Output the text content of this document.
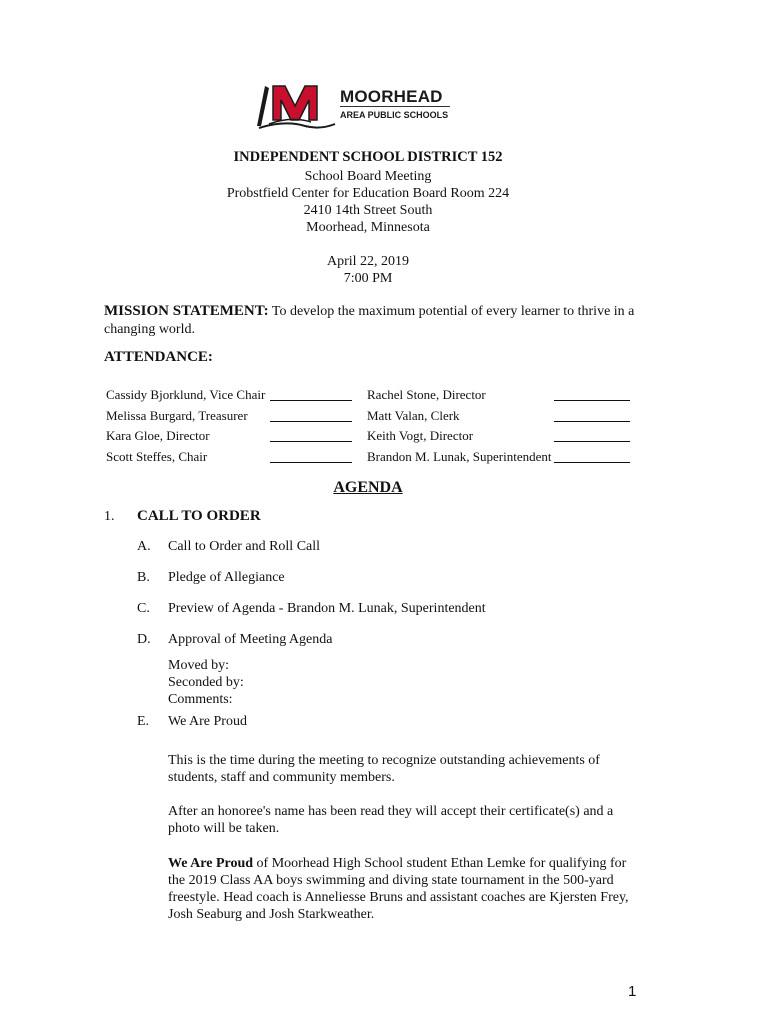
MOORHEAD
AREA PUBLIC SCHOOLS
INDEPENDENT SCHOOL DISTRICT 152
School Board Meeting
Probstfield Center for Education Board Room 224
2410 14th Street South
Moorhead, Minnesota
April 22, 2019
7:00 PM
MISSION STATEMENT: To develop the maximum potential of every learner to thrive in a changing world.
ATTENDANCE:
Cassidy Bjorklund, Vice Chair	Rachel Stone, Director
Melissa Burgard, Treasurer	Matt Valan, Clerk
Kara Gloe, Director	Keith Vogt, Director
Scott Steffes, Chair	Brandon M. Lunak, Superintendent
AGENDA
1. CALL TO ORDER
A. Call to Order and Roll Call
B. Pledge of Allegiance
C. Preview of Agenda - Brandon M. Lunak, Superintendent
D. Approval of Meeting Agenda
Moved by:
Seconded by:
Comments:
E. We Are Proud
This is the time during the meeting to recognize outstanding achievements of students, staff and community members.
After an honoree's name has been read they will accept their certificate(s) and a photo will be taken.
We Are Proud of Moorhead High School student Ethan Lemke for qualifying for the 2019 Class AA boys swimming and diving state tournament in the 500-yard freestyle. Head coach is Anneliesse Bruns and assistant coaches are Kjersten Frey, Josh Seaburg and Josh Starkweather.
1
